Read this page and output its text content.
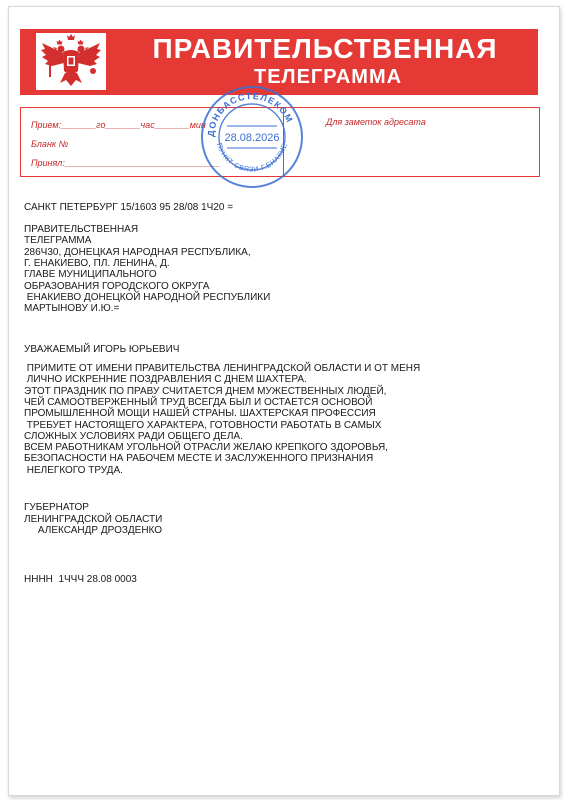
ПРАВИТЕЛЬСТВЕННАЯ
ТЕЛЕГРАММА
Прием:_______го_______час_______мин
Бланк №
Принял:_______________________________
Для заметок адресата
ДОНБАССТЕЛЕКОМ
ПУНКТ СВЯЗИ Г.ЕНАКИЕ
28.08.2026
САНКТ ПЕТЕРБУРГ 15/1603 95 28/08 1Ч20 =
ПРАВИТЕЛЬСТВЕННАЯ
ТЕЛЕГРАММА
286Ч30, ДОНЕЦКАЯ НАРОДНАЯ РЕСПУБЛИКА,
Г. ЕНАКИЕВО, ПЛ. ЛЕНИНА, Д.
ГЛАВЕ МУНИЦИПАЛЬНОГО
ОБРАЗОВАНИЯ ГОРОДСКОГО ОКРУГА
ЕНАКИЕВО ДОНЕЦКОЙ НАРОДНОЙ РЕСПУБЛИКИ
МАРТЫНОВУ И.Ю.=
УВАЖАЕМЫЙ ИГОРЬ ЮРЬЕВИЧ
ПРИМИТЕ ОТ ИМЕНИ ПРАВИТЕЛЬСТВА ЛЕНИНГРАДСКОЙ ОБЛАСТИ И ОТ МЕНЯ
ЛИЧНО ИСКРЕННИЕ ПОЗДРАВЛЕНИЯ С ДНЕМ ШАХТЕРА.
ЭТОТ ПРАЗДНИК ПО ПРАВУ СЧИТАЕТСЯ ДНЕМ МУЖЕСТВЕННЫХ ЛЮДЕЙ,
ЧЕЙ САМООТВЕРЖЕННЫЙ ТРУД ВСЕГДА БЫЛ И ОСТАЕТСЯ ОСНОВОЙ
ПРОМЫШЛЕННОЙ МОЩИ НАШЕЙ СТРАНЫ. ШАХТЕРСКАЯ ПРОФЕССИЯ
ТРЕБУЕТ НАСТОЯЩЕГО ХАРАКТЕРА, ГОТОВНОСТИ РАБОТАТЬ В САМЫХ
СЛОЖНЫХ УСЛОВИЯХ РАДИ ОБЩЕГО ДЕЛА.
ВСЕМ РАБОТНИКАМ УГОЛЬНОЙ ОТРАСЛИ ЖЕЛАЮ КРЕПКОГО ЗДОРОВЬЯ,
БЕЗОПАСНОСТИ НА РАБОЧЕМ МЕСТЕ И ЗАСЛУЖЕННОГО ПРИЗНАНИЯ
НЕЛЕГКОГО ТРУДА.
ГУБЕРНАТОР
ЛЕНИНГРАДСКОЙ ОБЛАСТИ
АЛЕКСАНДР ДРОЗДЕНКО
НННН  1ЧЧЧ 28.08 0003
